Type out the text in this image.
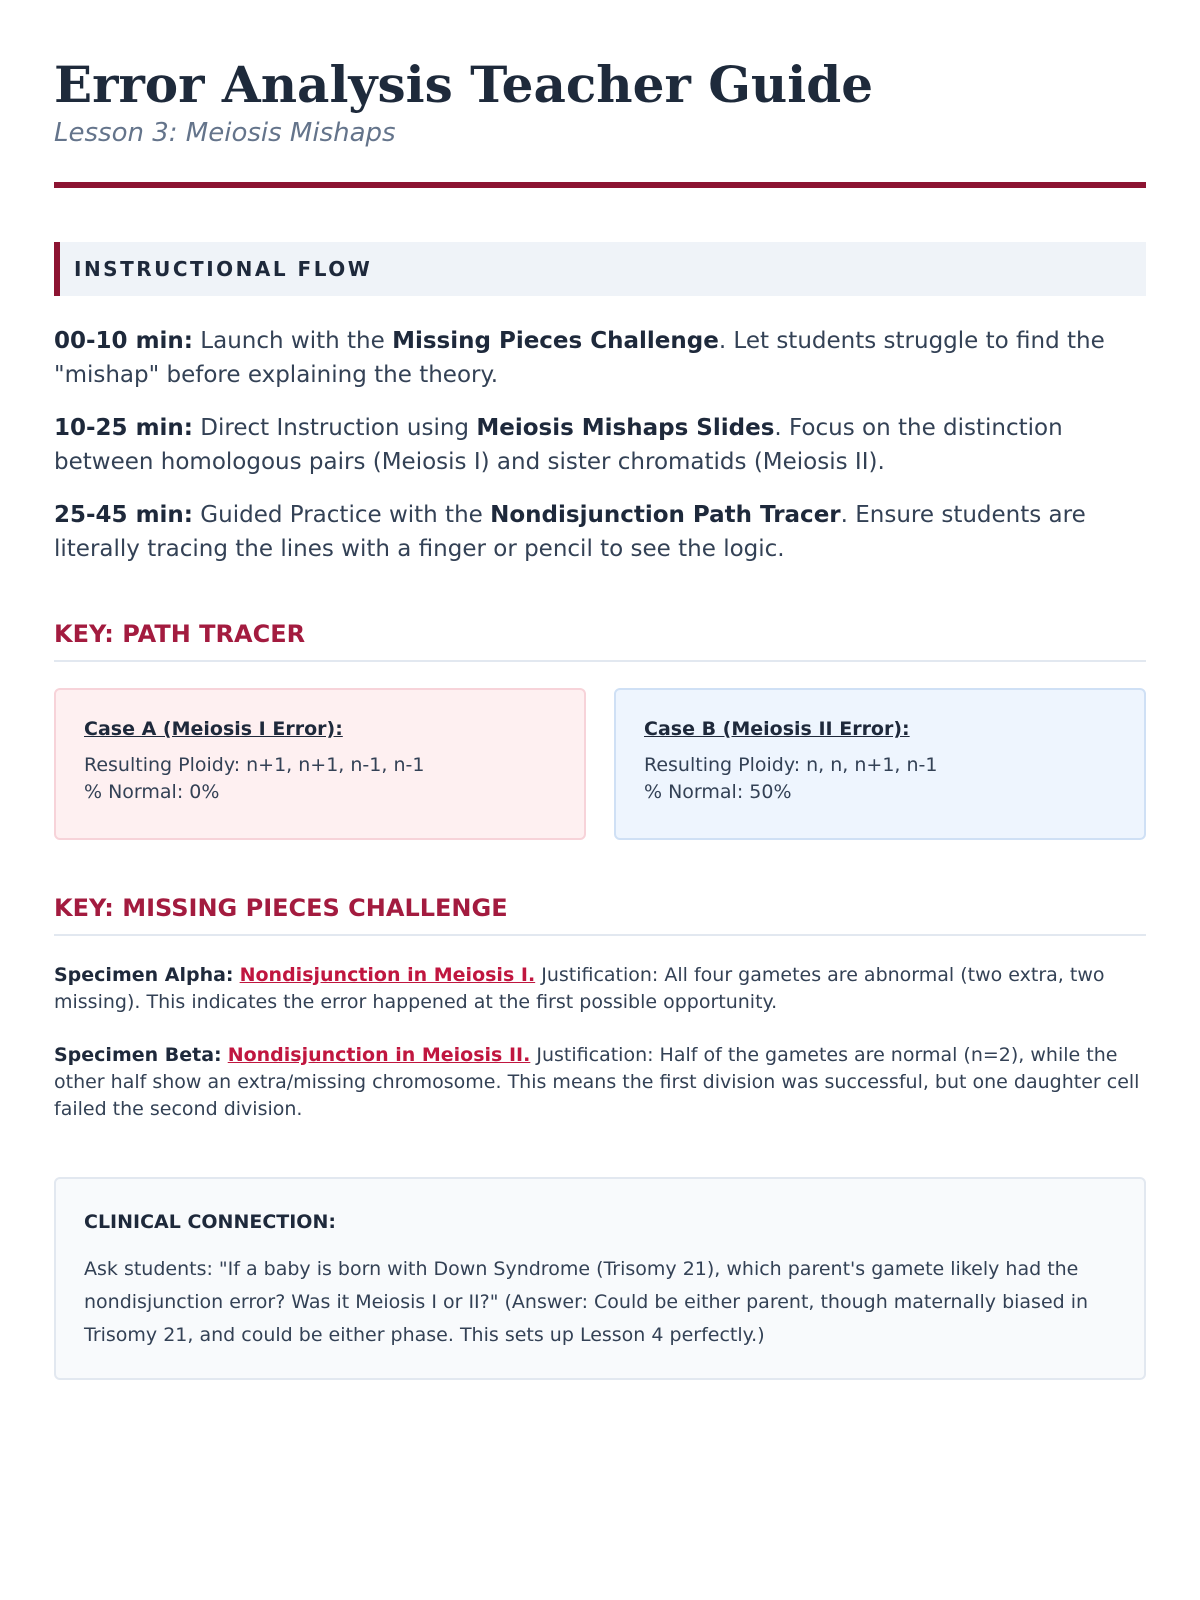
Error Analysis Teacher Guide

Lesson 3: Meiosis Mishaps

INSTRUCTIONAL FLOW

00-10 min: Launch with the Missing Pieces Challenge. Let students struggle to find the "mishap" before explaining the theory.

10-25 min: Direct Instruction using Meiosis Mishaps Slides. Focus on the distinction between homologous pairs (Meiosis I) and sister chromatids (Meiosis II).

25-45 min: Guided Practice with the Nondisjunction Path Tracer. Ensure students are literally tracing the lines with a finger or pencil to see the logic.

KEY: PATH TRACER

Case A (Meiosis I Error):

Resulting Ploidy: n+1, n+1, n-1, n-1

% Normal: 0%

Case B (Meiosis II Error):

Resulting Ploidy: n, n, n+1, n-1

% Normal: 50%

KEY: MISSING PIECES CHALLENGE

Specimen Alpha: Nondisjunction in Meiosis I. Justification: All four gametes are abnormal (two extra, two missing). This indicates the error happened at the first possible opportunity.

Specimen Beta: Nondisjunction in Meiosis II. Justification: Half of the gametes are normal (n=2), while the other half show an extra/missing chromosome. This means the first division was successful, but one daughter cell failed the second division.

CLINICAL CONNECTION:

Ask students: "If a baby is born with Down Syndrome (Trisomy 21), which parent's gamete likely had the nondisjunction error? Was it Meiosis I or II?" (Answer: Could be either parent, though maternally biased in Trisomy 21, and could be either phase. This sets up Lesson 4 perfectly.)
